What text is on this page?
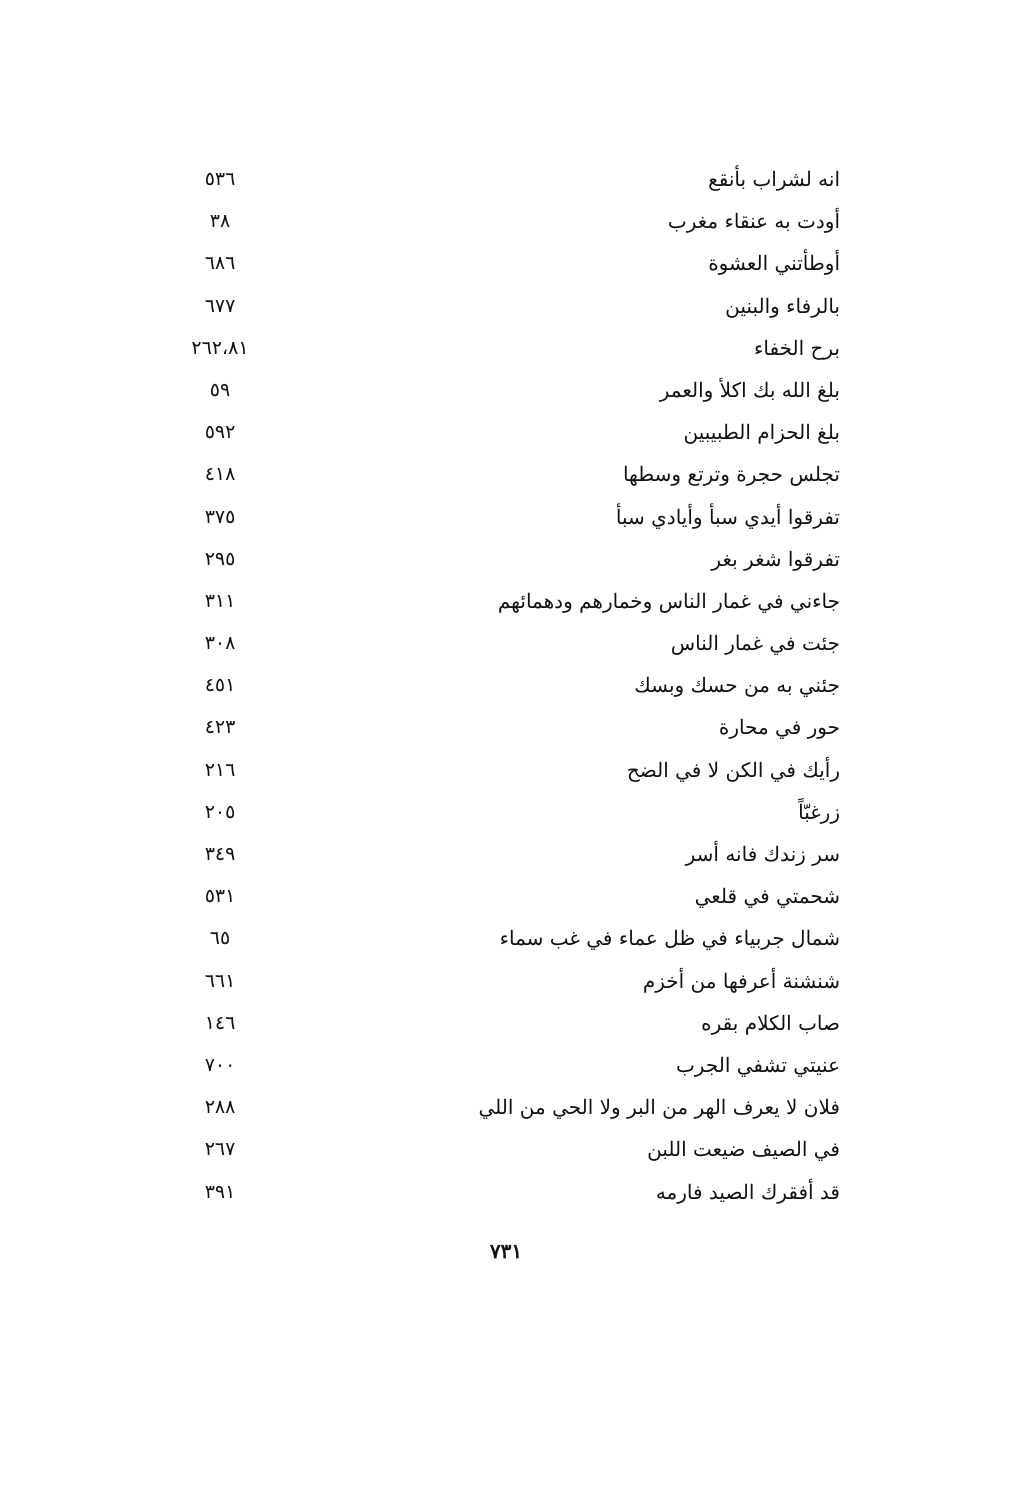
انه لشراب بأنقع
٥٣٦
أودت به عنقاء مغرب
٣٨
أوطأتني العشوة
٦٨٦
بالرفاء والبنين
٦٧٧
برح الخفاء
٢٦٢،٨١
بلغ الله بك اكلأ والعمر
٥٩
بلغ الحزام الطبيبين
٥٩٢
تجلس حجرة وترتع وسطها
٤١٨
تفرقوا أيدي سبأ وأيادي سبأ
٣٧٥
تفرقوا شغر بغر
٢٩٥
جاءني في غمار الناس وخمارهم ودهمائهم
٣١١
جئت في غمار الناس
٣٠٨
جئني به من حسك وبسك
٤٥١
حور في محارة
٤٢٣
رأيك في الكن لا في الضح
٢١٦
زرغبّاً
٢٠٥
سر زندك فانه أسر
٣٤٩
شحمتي في قلعي
٥٣١
شمال جربياء في ظل عماء في غب سماء
٦٥
شنشنة أعرفها من أخزم
٦٦١
صاب الكلام بقره
١٤٦
عنيتي تشفي الجرب
٧٠٠
فلان لا يعرف الهر من البر ولا الحي من اللي
٢٨٨
في الصيف ضيعت اللبن
٢٦٧
قد أفقرك الصيد فارمه
٣٩١
٧٣١
